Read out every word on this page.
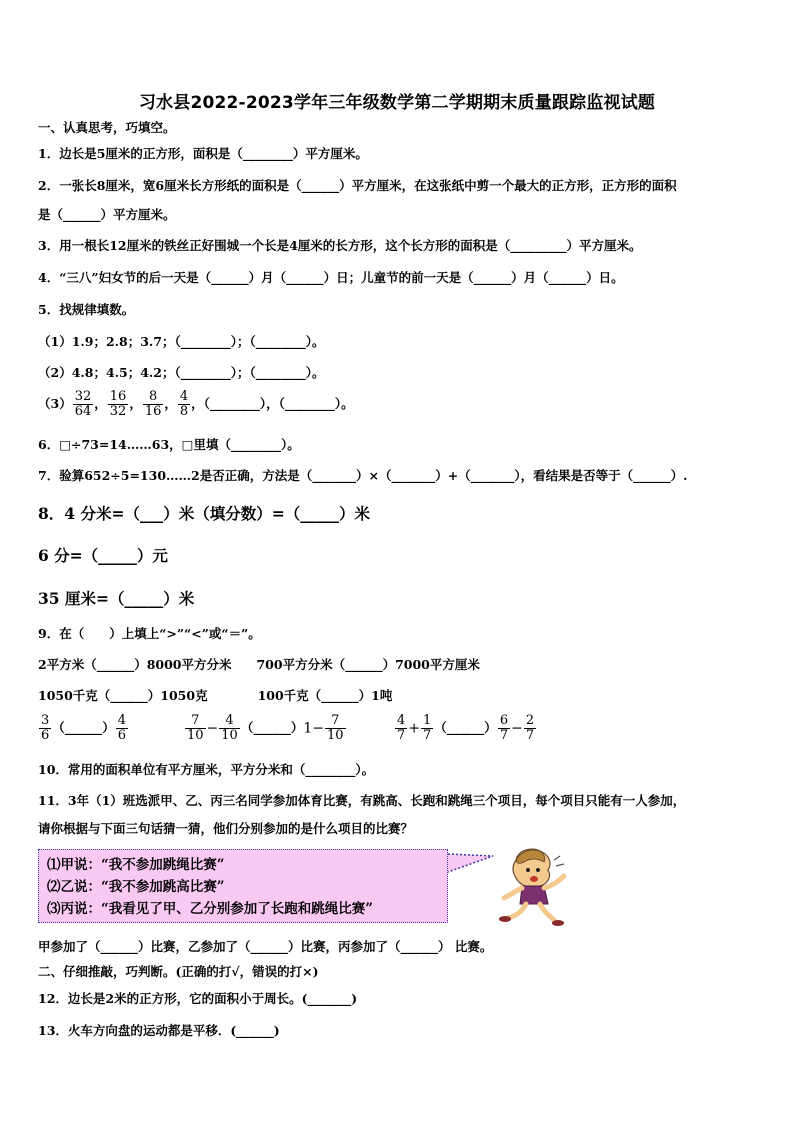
习水县2022-2023学年三年级数学第二学期期末质量跟踪监视试题
一、认真思考，巧填空。
1．边长是5厘米的正方形，面积是（________）平方厘米。
2．一张长8厘米，宽6厘米长方形纸的面积是（______）平方厘米，在这张纸中剪一个最大的正方形，正方形的面积
是（______）平方厘米。
3．用一根长12厘米的铁丝正好围城一个长是4厘米的长方形，这个长方形的面积是（_________）平方厘米。
4．“三八”妇女节的后一天是（______）月（______）日；儿童节的前一天是（______）月（______）日。
5．找规律填数。
（1）1.9；2.8；3.7；（________）；（________）。
（2）4.8；4.5；4.2；（________）；（________）。
$(3) \frac{32}{64}$ ， $\frac{16}{32}$ ， $\frac{8}{16}$ ， $\frac{4}{8}$ ，（________），（________）。
6．□÷73=14……63，□里填（________）。
7．验算652÷5=130……2是否正确，方法是（_______）×（_______）+（_______），看结果是否等于（______）.
8．4 分米=（___）米（填分数）=（_____）米
6 分=（_____）元
35 厘米=（_____）米
9．在（　　）上填上“>”“<”或“＝”。
2平方米（______）8000平方分米　　700平方分米（______）7000平方厘米
1050千克（______）1050克　　　　100千克（______）1吨
$\frac{3}{6}$ （______） $\frac{4}{6}$	$\frac{7}{10} - \frac{4}{10}$ （______）1− $\frac{7}{10}$	$\frac{4}{7} + \frac{1}{7}$ （______） $\frac{6}{7} - \frac{2}{7}$
10．常用的面积单位有平方厘米，平方分米和（________）。
11．3年（1）班选派甲、乙、丙三名同学参加体育比赛，有跳高、长跑和跳绳三个项目，每个项目只能有一人参加，
请你根据与下面三句话猜一猜，他们分别参加的是什么项目的比赛？
⑴甲说：“我不参加跳绳比赛”
⑵乙说：“我不参加跳高比赛”
⑶丙说：“我看见了甲、乙分别参加了长跑和跳绳比赛”
甲参加了（______）比赛，乙参加了（______）比赛，丙参加了（______） 比赛。
二、仔细推敲，巧判断。(正确的打√，错误的打×)
12．边长是2米的正方形，它的面积小于周长。(_______)
13．火车方向盘的运动都是平移．(______)
